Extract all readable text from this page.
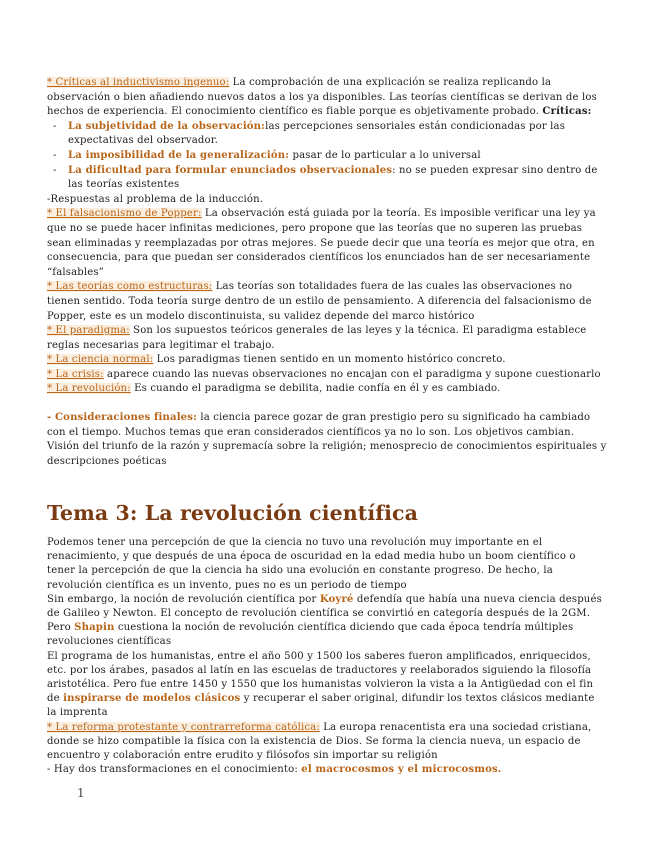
* Críticas al inductivismo ingenuo: La comprobación de una explicación se realiza replicando la observación o bien añadiendo nuevos datos a los ya disponibles. Las teorías científicas se derivan de los hechos de experiencia. El conocimiento científico es fiable porque es objetivamente probado. Críticas:

- La subjetividad de la observación:las percepciones sensoriales están condicionadas por las expectativas del observador.
- La imposibilidad de la generalización: pasar de lo particular a lo universal
- La dificultad para formular enunciados observacionales: no se pueden expresar sino dentro de las teorías existentes

-Respuestas al problema de la inducción.

* El falsacionismo de Popper: La observación está guiada por la teoría. Es imposible verificar una ley ya que no se puede hacer infinitas mediciones, pero propone que las teorías que no superen las pruebas sean eliminadas y reemplazadas por otras mejores. Se puede decir que una teoría es mejor que otra, en consecuencia, para que puedan ser considerados científicos los enunciados han de ser necesariamente “falsables”

* Las teorías como estructuras: Las teorías son totalidades fuera de las cuales las observaciones no tienen sentido. Toda teoría surge dentro de un estilo de pensamiento. A diferencia del falsacionismo de Popper, este es un modelo discontinuista, su validez depende del marco histórico

* El paradigma: Son los supuestos teóricos generales de las leyes y la técnica. El paradigma establece reglas necesarias para legitimar el trabajo.

* La ciencia normal: Los paradigmas tienen sentido en un momento histórico concreto.

* La crisis: aparece cuando las nuevas observaciones no encajan con el paradigma y supone cuestionarlo

* La revolución: Es cuando el paradigma se debilita, nadie confía en él y es cambiado.

- Consideraciones finales: la ciencia parece gozar de gran prestigio pero su significado ha cambiado con el tiempo. Muchos temas que eran considerados científicos ya no lo son. Los objetivos cambian. Visión del triunfo de la razón y supremacía sobre la religión; menosprecio de conocimientos espirituales y descripciones poéticas

Tema 3: La revolución científica

Podemos tener una percepción de que la ciencia no tuvo una revolución muy importante en el renacimiento, y que después de una época de oscuridad en la edad media hubo un boom científico o tener la percepción de que la ciencia ha sido una evolución en constante progreso. De hecho, la revolución científica es un invento, pues no es un periodo de tiempo

Sin embargo, la noción de revolución científica por Koyré defendía que había una nueva ciencia después de Galileo y Newton. El concepto de revolución científica se convirtió en categoría después de la 2GM. Pero Shapin cuestiona la noción de revolución científica diciendo que cada época tendría múltiples revoluciones científicas

El programa de los humanistas, entre el año 500 y 1500 los saberes fueron amplificados, enriquecidos, etc. por los árabes, pasados al latín en las escuelas de traductores y reelaborados siguiendo la filosofía aristotélica. Pero fue entre 1450 y 1550 que los humanistas volvieron la vista a la Antigüedad con el fin de inspirarse de modelos clásicos y recuperar el saber original, difundir los textos clásicos mediante la imprenta

* La reforma protestante y contrarreforma católica: La europa renacentista era una sociedad cristiana, donde se hizo compatible la física con la existencia de Dios. Se forma la ciencia nueva, un espacio de encuentro y colaboración entre erudito y filósofos sin importar su religión

- Hay dos transformaciones en el conocimiento: el macrocosmos y el microcosmos.

1
